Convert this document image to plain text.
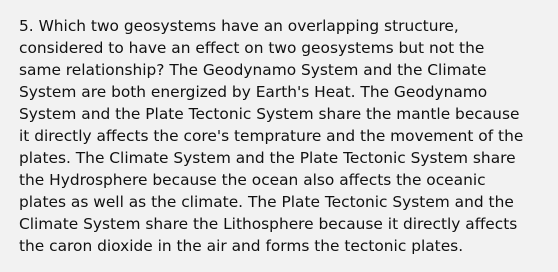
5. Which two geosystems have an overlapping structure,
considered to have an effect on two geosystems but not the
same relationship? The Geodynamo System and the Climate
System are both energized by Earth's Heat. The Geodynamo
System and the Plate Tectonic System share the mantle because
it directly affects the core's temprature and the movement of the
plates. The Climate System and the Plate Tectonic System share
the Hydrosphere because the ocean also affects the oceanic
plates as well as the climate. The Plate Tectonic System and the
Climate System share the Lithosphere because it directly affects
the caron dioxide in the air and forms the tectonic plates.
